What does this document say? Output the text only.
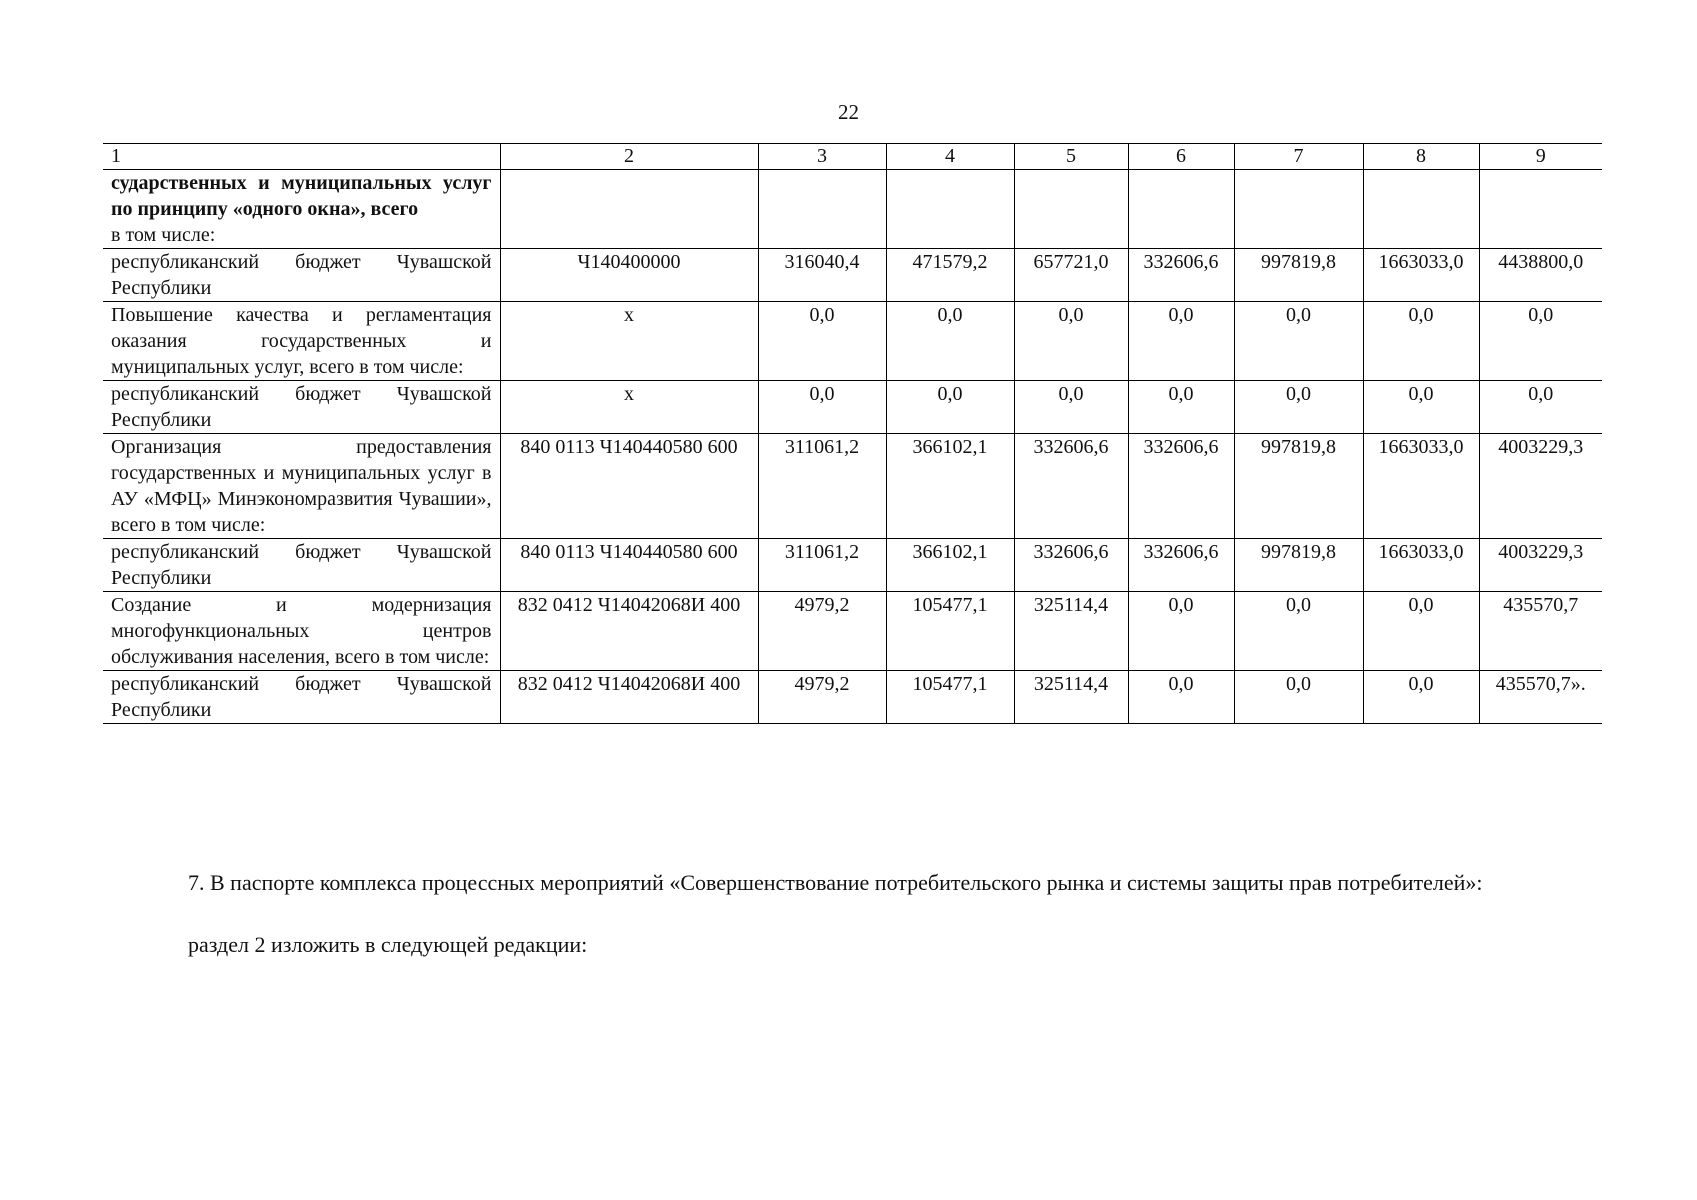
22
1	2	3	4	5	6	7	8	9

сударственных и муниципальных услуг по принципу «одного окна», всего
в том числе:								

республиканский бюджет Чувашской Республики	Ч140400000	316040,4	471579,2	657721,0	332606,6	997819,8	1663033,0	4438800,0

Повышение качества и регламентация оказания государственных и муниципальных услуг, всего в том числе:	х	0,0	0,0	0,0	0,0	0,0	0,0	0,0

республиканский бюджет Чувашской Республики	х	0,0	0,0	0,0	0,0	0,0	0,0	0,0

Организация предоставления государственных и муниципальных услуг в АУ «МФЦ» Минэкономразвития Чувашии», всего в том числе:	840 0113 Ч140440580 600	311061,2	366102,1	332606,6	332606,6	997819,8	1663033,0	4003229,3

республиканский бюджет Чувашской Республики	840 0113 Ч140440580 600	311061,2	366102,1	332606,6	332606,6	997819,8	1663033,0	4003229,3

Создание и модернизация многофункциональных центров обслуживания населения, всего в том числе:	832 0412 Ч14042068И 400	4979,2	105477,1	325114,4	0,0	0,0	0,0	435570,7

республиканский бюджет Чувашской Республики	832 0412 Ч14042068И 400	4979,2	105477,1	325114,4	0,0	0,0	0,0	435570,7».
7. В паспорте комплекса процессных мероприятий «Совершенствование потребительского рынка и системы защиты прав потребителей»:
раздел 2 изложить в следующей редакции:
